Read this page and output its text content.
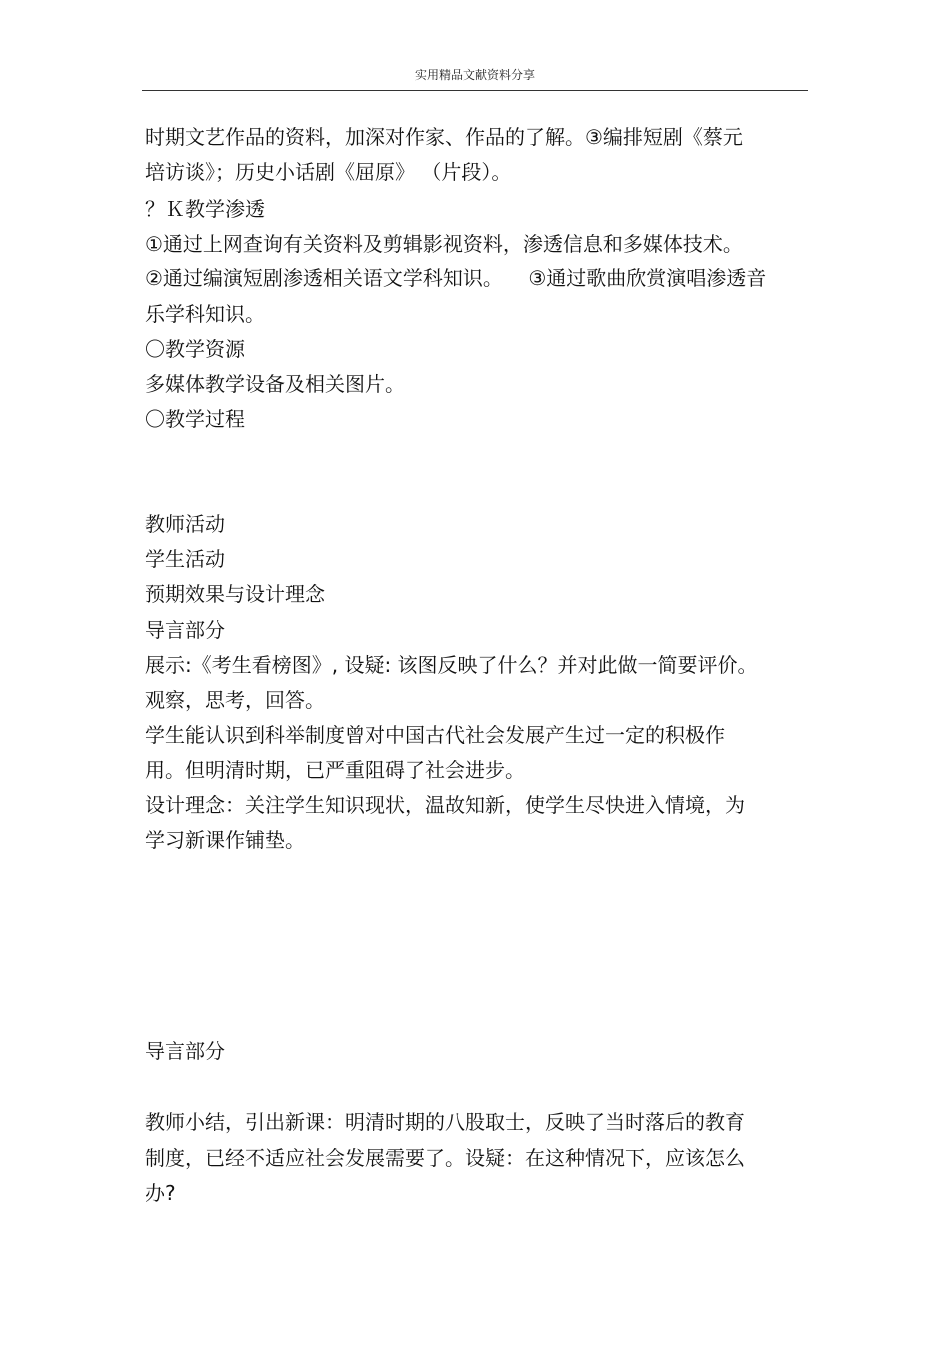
实用精品文献资料分享
时期文艺作品的资料，加深对作家、作品的了解。③编排短剧《蔡元
培访谈》；历史小话剧《屈原》 （片段）。
？Ｋ教学渗透
①通过上网查询有关资料及剪辑影视资料，渗透信息和多媒体技术。
②通过编演短剧渗透相关语文学科知识。    ③通过歌曲欣赏演唱渗透音
乐学科知识。
〇教学资源
多媒体教学设备及相关图片。
〇教学过程
教师活动
学生活动
预期效果与设计理念
导言部分
展示:《考生看榜图》, 设疑: 该图反映了什么？并对此做一简要评价。
观察，思考，回答。
学生能认识到科举制度曾对中国古代社会发展产生过一定的积极作
用。但明清时期，已严重阻碍了社会进步。
设计理念：关注学生知识现状，温故知新，使学生尽快进入情境，为
学习新课作铺垫。
导言部分
教师小结，引出新课：明清时期的八股取士，反映了当时落后的教育
制度，已经不适应社会发展需要了。设疑：在这种情况下，应该怎么
办?
